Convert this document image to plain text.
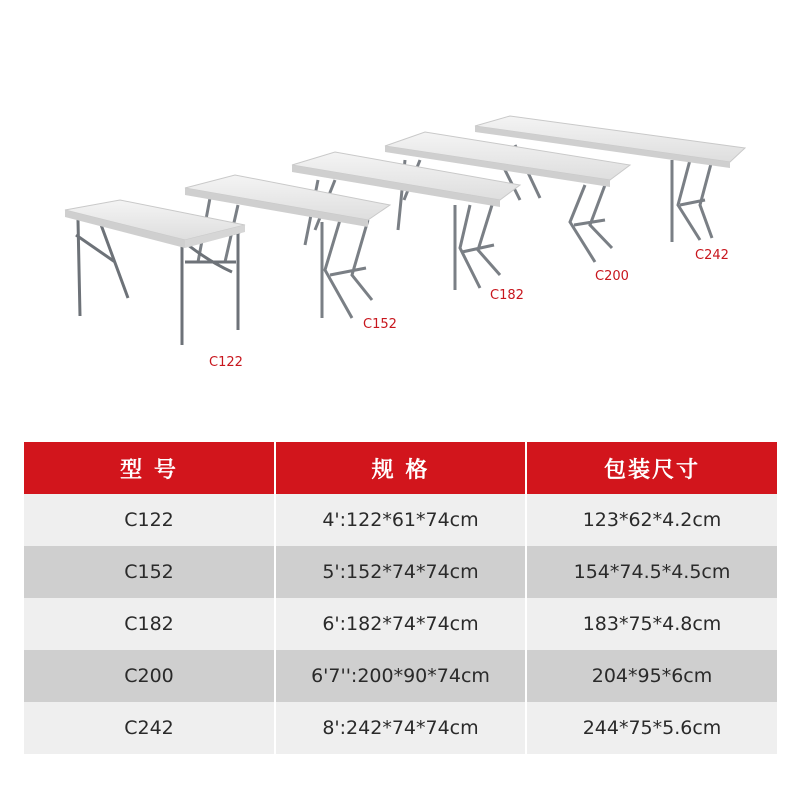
C122
C152
C182
C200
C242
型 号	规 格	包装尺寸
C122	4':122*61*74cm	123*62*4.2cm
C152	5':152*74*74cm	154*74.5*4.5cm
C182	6':182*74*74cm	183*75*4.8cm
C200	6'7'':200*90*74cm	204*95*6cm
C242	8':242*74*74cm	244*75*5.6cm
